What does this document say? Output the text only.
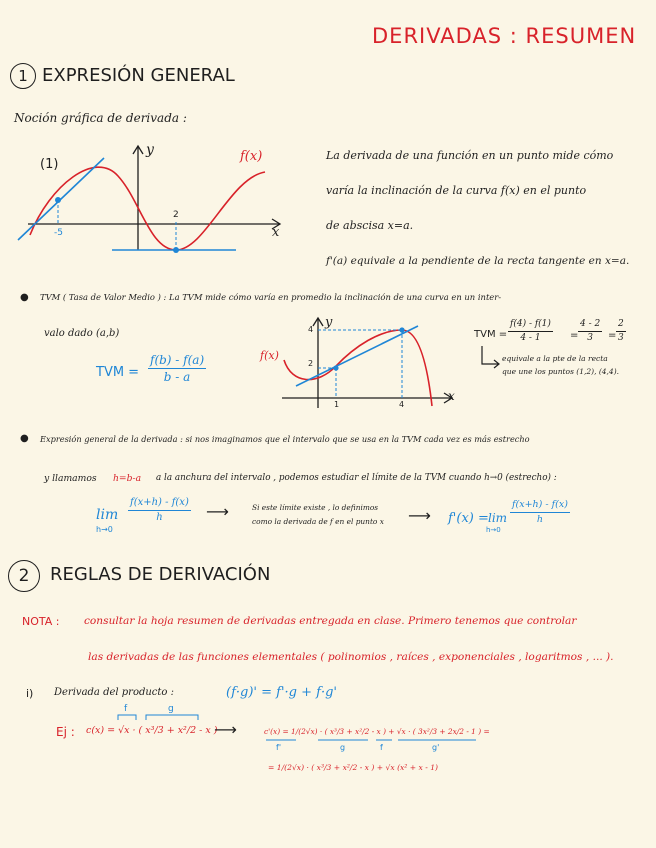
DERIVADAS : RESUMEN
1 EXPRESIÓN GENERAL
Noción gráfica de derivada :
(1)
y
x
f(x)
-5
2
La derivada de una función en un punto mide cómo
varía la inclinación de la curva f(x) en el punto
de abscisa x=a.
f'(a) equivale a la pendiente de la recta tangente en x=a.
● TVM ( Tasa de Valor Medio ) : La TVM mide cómo varía en promedio la inclinación de una curva en un inter-
valo dado (a,b)
TVM = $\frac{f(b) - f(a)}{b - a}$	f(x)
y
x
4
2
1	4
TVM = $\frac{f(4) - f(1)}{4 - 1} = \frac{4 - 2}{3} = \frac{2}{3}$
equivale a la pte de la recta
que une los puntos (1,2), (4,4).
● Expresión general de la derivada : si nos imaginamos que el intervalo que se usa en la TVM cada vez es más estrecho
y llamamos h=b-a a la anchura del intervalo , podemos estudiar el límite de la TVM cuando h→0 (estrecho) :
lim
h→0
$\frac{f(x+h) - f(x)}{h}$ ⟶	Si este límite existe , lo definimos
como la derivada de f en el punto x ⟶ f'(x) = lim
h→0
$\frac{f(x+h) - f(x)}{h}$
2 REGLAS DE DERIVACIÓN
NOTA : consultar la hoja resumen de derivadas entregada en clase. Primero tenemos que controlar
las derivadas de las funciones elementales ( polinomios , raíces , exponenciales , logaritmos , ... ).
i) Derivada del producto :	(f·g)' = f'·g + f·g'
f	g
Ej : c(x) = √x · ( x³/3 + x²/2 - x )
⟶	c'(x) = 1/(2√x) · ( x³/3 + x²/2 - x ) + √x · ( 3x²/3 + 2x/2 - 1 ) =
f'	g	f	g'
= 1/(2√x) · ( x³/3 + x²/2 - x ) + √x (x² + x - 1)
